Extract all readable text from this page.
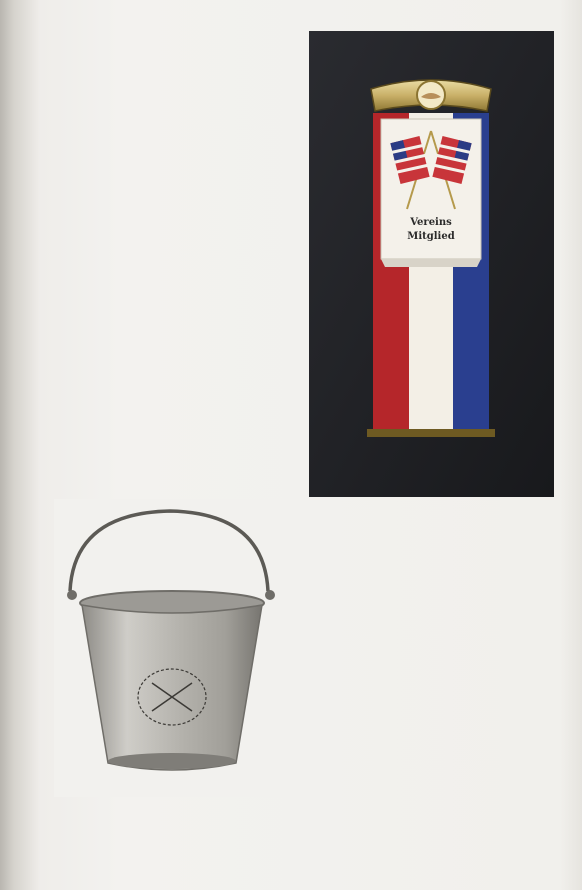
Vereins
Mitglied
